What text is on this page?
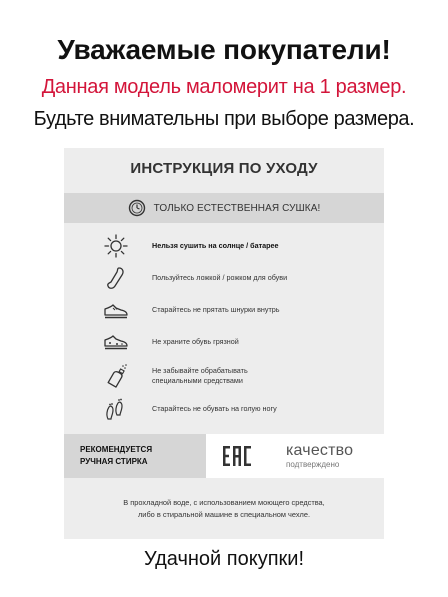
Уважаемые покупатели!
Данная модель маломерит на 1 размер.
Будьте внимательны при выборе размера.
ИНСТРУКЦИЯ ПО УХОДУ
ТОЛЬКО ЕСТЕСТВЕННАЯ СУШКА!
Нельзя сушить на солнце / батарее
Пользуйтесь ложкой / рожком для обуви
Старайтесь не прятать шнурки внутрь
Не храните обувь грязной
Не забывайте обрабатывать
специальными средствами
Старайтесь не обувать на голую ногу
РЕКОМЕНДУЕТСЯ
РУЧНАЯ СТИРКА
качество
подтверждено
В прохладной воде, с использованием моющего средства,
либо в стиральной машине в специальном чехле.
Удачной покупки!
